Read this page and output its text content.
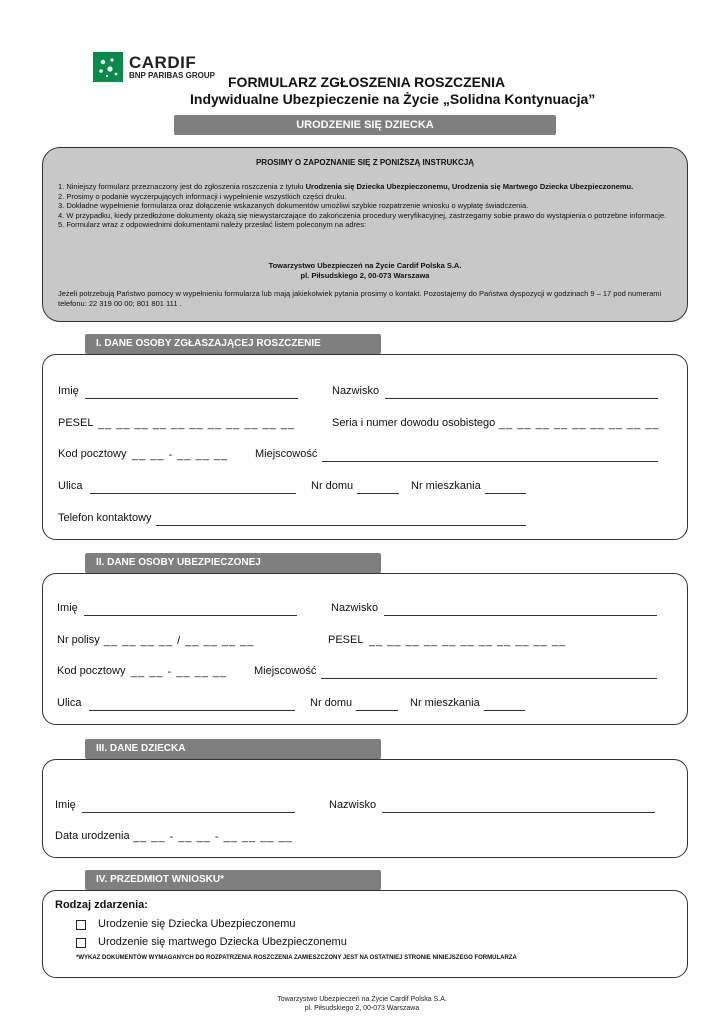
CARDIF
BNP PARIBAS GROUP FORMULARZ ZGŁOSZENIA ROSZCZENIA
Indywidualne Ubezpieczenie na Życie „Solidna Kontynuacja”
URODZENIE SIĘ DZIECKA
PROSIMY O ZAPOZNANIE SIĘ Z PONIŻSZĄ INSTRUKCJĄ

1. Niniejszy formularz przeznaczony jest do zgłoszenia roszczenia z tytułu Urodzenia się Dziecka Ubezpieczonemu, Urodzenia się Martwego Dziecka Ubezpieczonemu.

2. Prosimy o podanie wyczerpujących informacji i wypełnienie wszystkich części druku.

3. Dokładne wypełnienie formularza oraz dołączenie wskazanych dokumentów umożliwi szybkie rozpatrzenie wniosku o wypłatę świadczenia.

4. W przypadku, kiedy przedłożone dokumenty okażą się niewystarczające do zakończenia procedury weryfikacyjnej, zastrzegamy sobie prawo do wystąpienia o potrzebne informacje.

5. Formularz wraz z odpowiednimi dokumentami należy przesłać listem poleconym na adres:

Towarzystwo Ubezpieczeń na Życie Cardif Polska S.A.
pl. Piłsudskiego 2, 00-073 Warszawa
Jeżeli potrzebują Państwo pomocy w wypełnieniu formularza lub mają jakiekolwiek pytania prosimy o kontakt. Pozostajemy do Państwa dyspozycji w godzinach 9 – 17 pod numerami telefonu: 22 319 00 00; 801 801 111 .
I. DANE OSOBY ZGŁASZAJĄCEJ ROSZCZENIE
Imię	Nazwisko
PESEL __ __ __ __ __ __ __ __ __ __ __	Seria i numer dowodu osobistego __ __ __ __ __ __ __ __ __
Kod pocztowy __ __ - __ __ __ Miejscowość
Ulica	Nr domu	Nr mieszkania
Telefon kontaktowy
II. DANE OSOBY UBEZPIECZONEJ
Imię	Nazwisko
Nr polisy __ __ __ __ / __ __ __ __	PESEL __ __ __ __ __ __ __ __ __ __ __
Kod pocztowy __ __ - __ __ __ Miejscowość
Ulica	Nr domu	Nr mieszkania
III. DANE DZIECKA
Imię	Nazwisko
Data urodzenia __ __ - __ __ - __ __ __ __
IV. PRZEDMIOT WNIOSKU*
Rodzaj zdarzenia:
Urodzenie się Dziecka Ubezpieczonemu
Urodzenie się martwego Dziecka Ubezpieczonemu
*WYKAZ DOKUMENTÓW WYMAGANYCH DO ROZPATRZENIA ROSZCZENIA ZAMIESZCZONY JEST NA OSTATNIEJ STRONIE NINIEJSZEGO FORMULARZA
Towarzystwo Ubezpieczeń na Życie Cardif Polska S.A.
pl. Piłsudskiego 2, 00-073 Warszawa
